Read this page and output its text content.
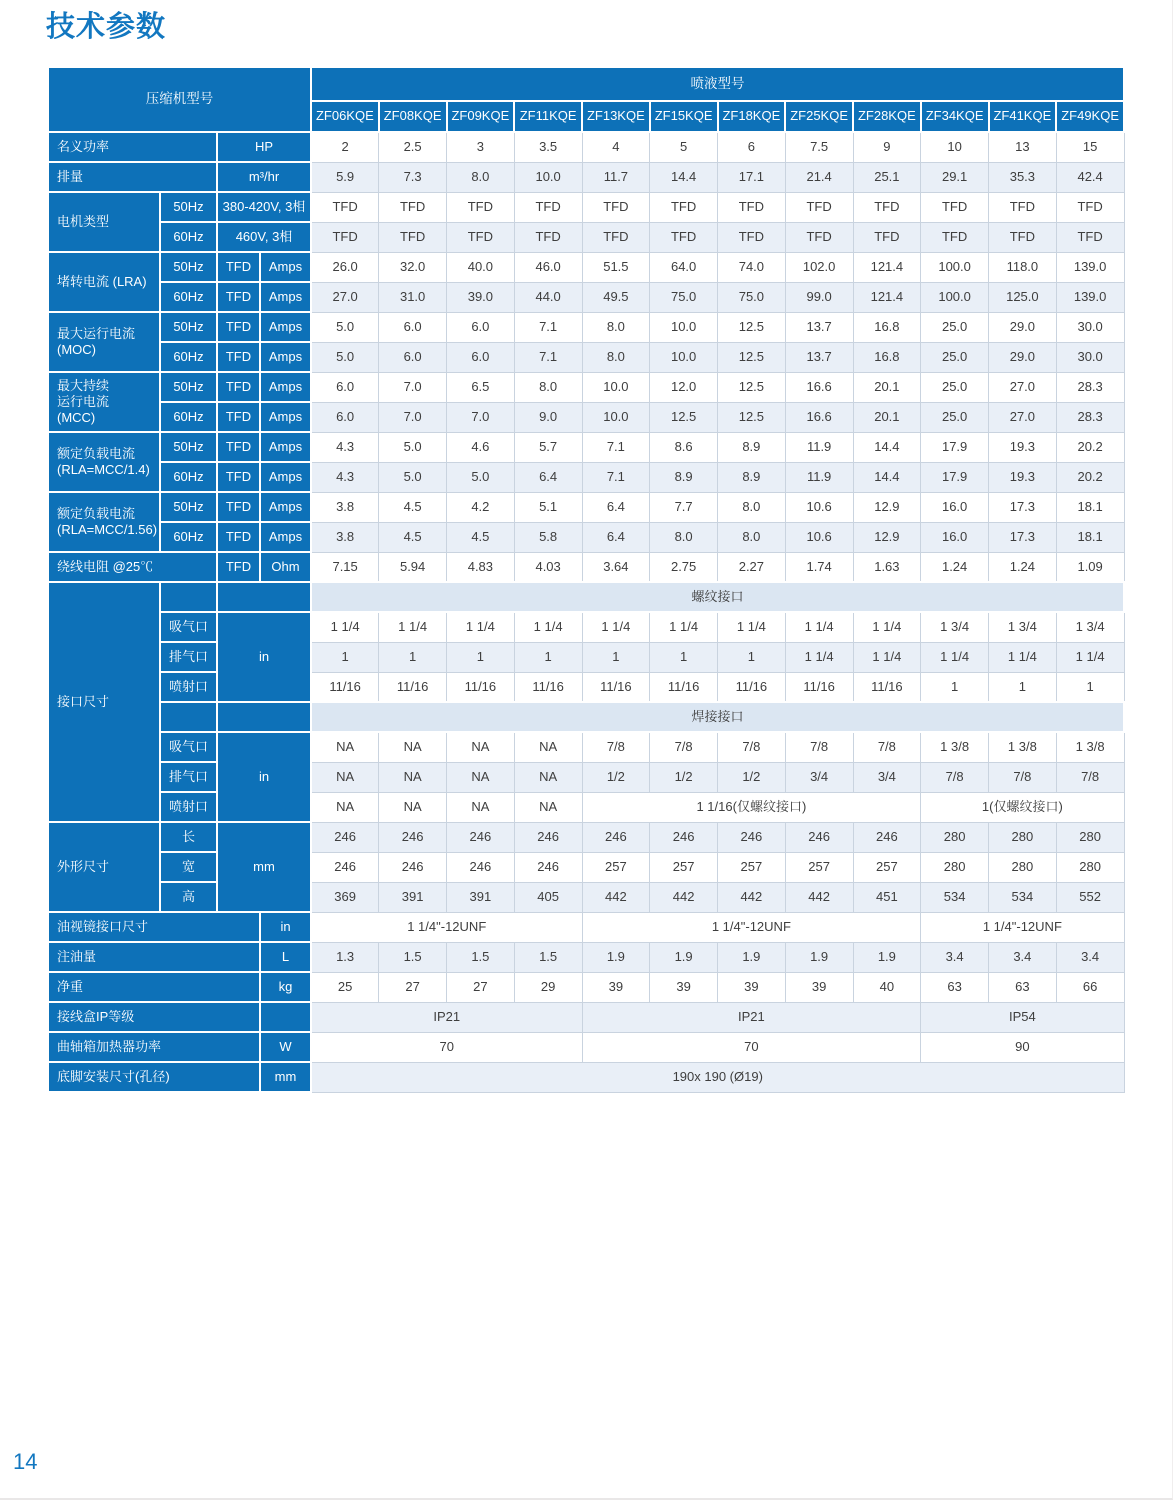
技术参数
压缩机型号				喷液型号											
				ZF06KQE	ZF08KQE	ZF09KQE	ZF11KQE	ZF13KQE	ZF15KQE	ZF18KQE	ZF25KQE	ZF28KQE	ZF34KQE	ZF41KQE	ZF49KQE
名义功率		HP		2	2.5	3	3.5	4	5	6	7.5	9	10	13	15
排量		m³/hr		5.9	7.3	8.0	10.0	11.7	14.4	17.1	21.4	25.1	29.1	35.3	42.4
电机类型	50Hz	380-420V, 3相		TFD	TFD	TFD	TFD	TFD	TFD	TFD	TFD	TFD	TFD	TFD	TFD
	60Hz	460V, 3相		TFD	TFD	TFD	TFD	TFD	TFD	TFD	TFD	TFD	TFD	TFD	TFD
堵转电流 (LRA)	50Hz	TFD	Amps	26.0	32.0	40.0	46.0	51.5	64.0	74.0	102.0	121.4	100.0	118.0	139.0
	60Hz	TFD	Amps	27.0	31.0	39.0	44.0	49.5	75.0	75.0	99.0	121.4	100.0	125.0	139.0
最大运行电流
(MOC)	50Hz	TFD	Amps	5.0	6.0	6.0	7.1	8.0	10.0	12.5	13.7	16.8	25.0	29.0	30.0
	60Hz	TFD	Amps	5.0	6.0	6.0	7.1	8.0	10.0	12.5	13.7	16.8	25.0	29.0	30.0
最大持续
运行电流
(MCC)	50Hz	TFD	Amps	6.0	7.0	6.5	8.0	10.0	12.0	12.5	16.6	20.1	25.0	27.0	28.3
	60Hz	TFD	Amps	6.0	7.0	7.0	9.0	10.0	12.5	12.5	16.6	20.1	25.0	27.0	28.3
额定负载电流
(RLA=MCC/1.4)	50Hz	TFD	Amps	4.3	5.0	4.6	5.7	7.1	8.6	8.9	11.9	14.4	17.9	19.3	20.2
	60Hz	TFD	Amps	4.3	5.0	5.0	6.4	7.1	8.9	8.9	11.9	14.4	17.9	19.3	20.2
额定负载电流
(RLA=MCC/1.56)	50Hz	TFD	Amps	3.8	4.5	4.2	5.1	6.4	7.7	8.0	10.6	12.9	16.0	17.3	18.1
	60Hz	TFD	Amps	3.8	4.5	4.5	5.8	6.4	8.0	8.0	10.6	12.9	16.0	17.3	18.1
绕线电阻 @25℃		TFD	Ohm	7.15	5.94	4.83	4.03	3.64	2.75	2.27	1.74	1.63	1.24	1.24	1.09
接口尺寸				螺纹接口											
	吸气口	in		1 1/4	1 1/4	1 1/4	1 1/4	1 1/4	1 1/4	1 1/4	1 1/4	1 1/4	1 3/4	1 3/4	1 3/4
	排气口			1	1	1	1	1	1	1	1 1/4	1 1/4	1 1/4	1 1/4	1 1/4
	喷射口			11/16	11/16	11/16	11/16	11/16	11/16	11/16	11/16	11/16	1	1	1
				焊接接口											
	吸气口	in		NA	NA	NA	NA	7/8	7/8	7/8	7/8	7/8	1 3/8	1 3/8	1 3/8
	排气口			NA	NA	NA	NA	1/2	1/2	1/2	3/4	3/4	7/8	7/8	7/8
	喷射口			NA	NA	NA	NA	1 1/16(仅螺纹接口)					1(仅螺纹接口)		
外形尺寸	长	mm		246	246	246	246	246	246	246	246	246	280	280	280
	宽			246	246	246	246	257	257	257	257	257	280	280	280
	高			369	391	391	405	442	442	442	442	451	534	534	552
油视镜接口尺寸			in	1 1/4"-12UNF				1 1/4"-12UNF					1 1/4"-12UNF		
注油量			L	1.3	1.5	1.5	1.5	1.9	1.9	1.9	1.9	1.9	3.4	3.4	3.4
净重			kg	25	27	27	29	39	39	39	39	40	63	63	66
接线盒IP等级				IP21				IP21					IP54		
曲轴箱加热器功率			W	70				70					90		
底脚安装尺寸(孔径)			mm	190x 190 (Ø19)											
14
